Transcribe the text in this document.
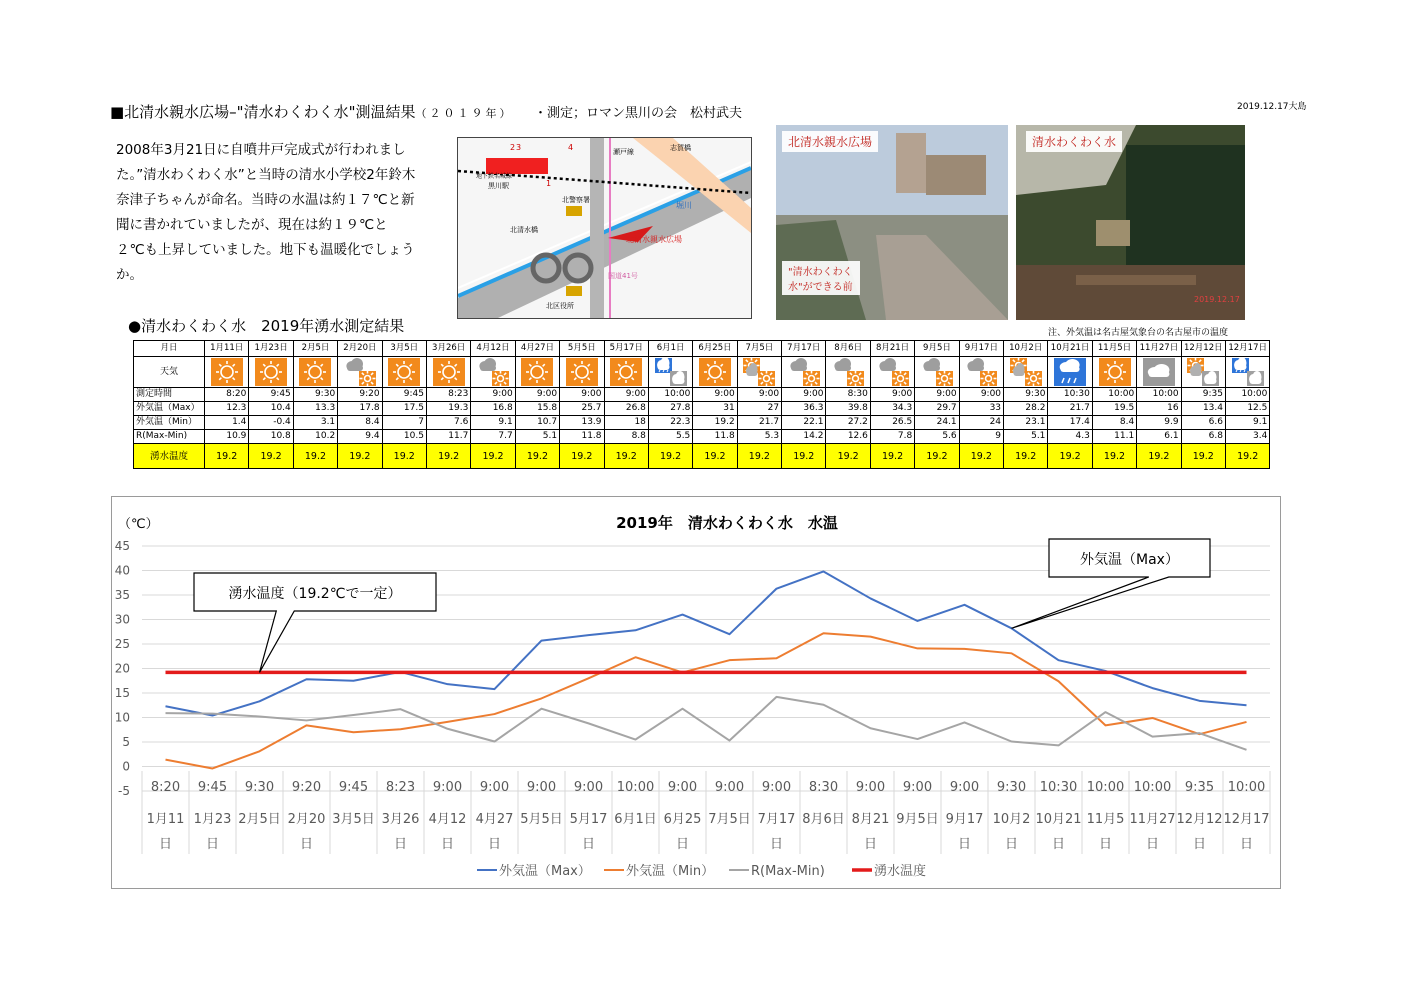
■北清水親水広場–"清水わくわく水"測温結果（２０１９年） ・測定；ロマン黒川の会　松村武夫	2019.12.17大島
2008年3月21日に自噴井戸完成式が行われました。”清水わくわく水”と当時の清水小学校2年鈴木奈津子ちゃんが命名。当時の水温は約１７℃と新聞に書かれていましたが、現在は約１９℃と２℃も上昇していました。地下も温暖化でしょうか。
2 3	4
1
地下鉄名城線
黒川駅
志賀橋
瀬戸線
北警察署
堀川
北清水橋
北清水親水広場
国道41号
北区役所
北清水親水広場
"清水わくわく水"ができる前
清水わくわく水
2019.12.17
●清水わくわく水　2019年湧水測定結果	注、外気温は名古屋気象台の名古屋市の温度
月日	1月11日	1月23日	2月5日	2月20日	3月5日	3月26日	4月12日	4月27日	5月5日	5月17日	6月1日	6月25日	7月5日	7月17日	8月6日	8月21日	9月5日	9月17日	10月2日	10月21日	11月5日	11月27日	12月12日	12月17日
天気	

測定時間	8:20	9:45	9:30	9:20	9:45	8:23	9:00	9:00	9:00	9:00	10:00	9:00	9:00	9:00	8:30	9:00	9:00	9:00	9:30	10:30	10:00	10:00	9:35	10:00
外気温（Max）	12.3	10.4	13.3	17.8	17.5	19.3	16.8	15.8	25.7	26.8	27.8	31	27	36.3	39.8	34.3	29.7	33	28.2	21.7	19.5	16	13.4	12.5
外気温（Min）	1.4	-0.4	3.1	8.4	7	7.6	9.1	10.7	13.9	18	22.3	19.2	21.7	22.1	27.2	26.5	24.1	24	23.1	17.4	8.4	9.9	6.6	9.1
R(Max-Min)	10.9	10.8	10.2	9.4	10.5	11.7	7.7	5.1	11.8	8.8	5.5	11.8	5.3	14.2	12.6	7.8	5.6	9	5.1	4.3	11.1	6.1	6.8	3.4
湧水温度	19.2	19.2	19.2	19.2	19.2	19.2	19.2	19.2	19.2	19.2	19.2	19.2	19.2	19.2	19.2	19.2	19.2	19.2	19.2	19.2	19.2	19.2	19.2	19.2
2019年　清水わくわく水　水温
（℃）
-5
0
5
10
15
20
25
30
35
40
45
8:20 9:45 9:30 9:20 9:45 8:23 9:00 9:00 9:00 9:00 10:00 9:00 9:00 9:00 8:30 9:00 9:00 9:00 9:30 10:30 10:00 10:00 9:35 10:00
1月11
日
1月23
日
2月5日 2月20
日
3月5日 3月26
日
4月12
日
4月27
日
5月5日 5月17
日
6月1日 6月25
日
7月5日 7月17
日
8月6日 8月21
日
9月5日 9月17
日
10月2
日
10月21
日
11月5
日
11月27
日
12月12
日
12月17
日
湧水温度（19.2℃で一定）
外気温（Max）
外気温（Max）	外気温（Min）	R(Max-Min)	湧水温度
